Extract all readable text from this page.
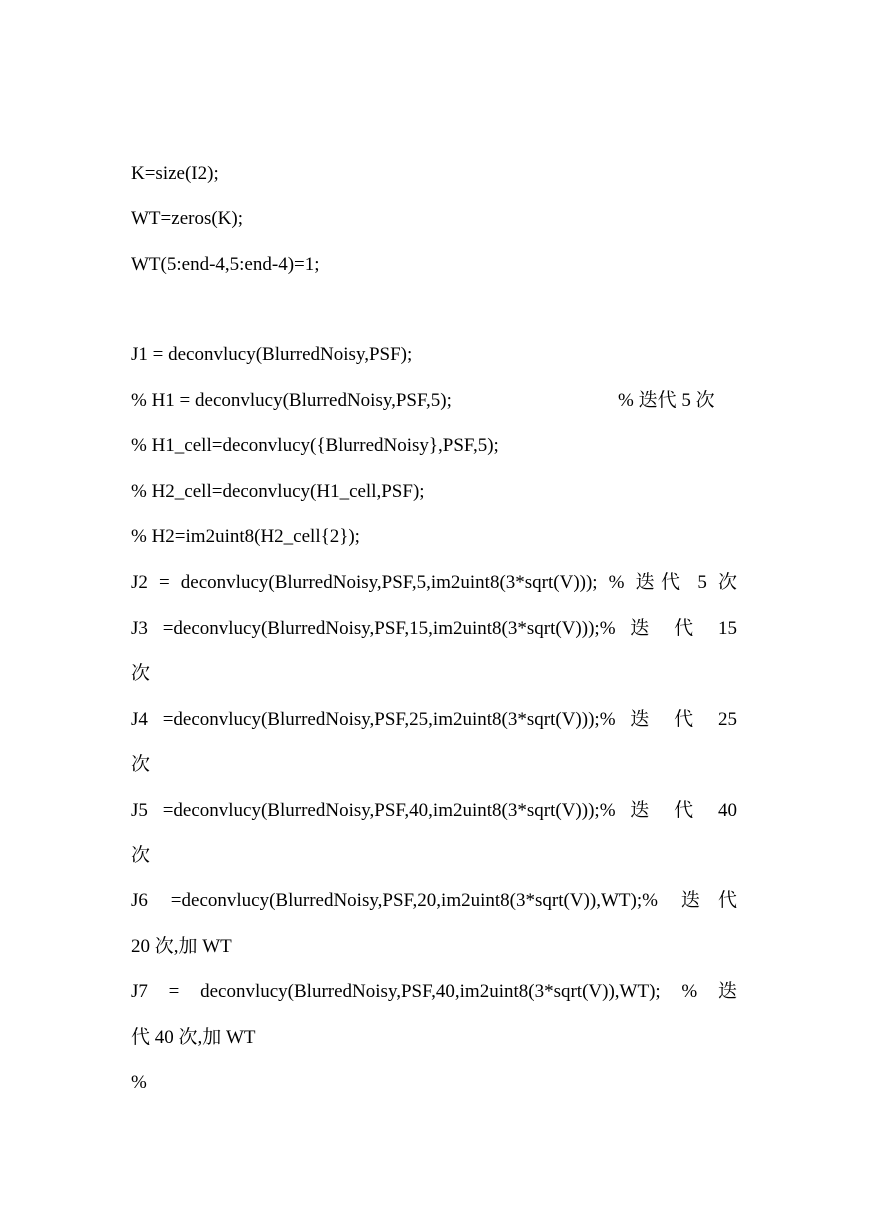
K=size(I2);
WT=zeros(K);
WT(5:end-4,5:end-4)=1;
J1 = deconvlucy(BlurredNoisy,PSF);
% H1 = deconvlucy(BlurredNoisy,PSF,5);	% 迭代 5 次
% H1_cell=deconvlucy({BlurredNoisy},PSF,5);
% H2_cell=deconvlucy(H1_cell,PSF);
% H2=im2uint8(H2_cell{2});
J2 = deconvlucy(BlurredNoisy,PSF,5,im2uint8(3*sqrt(V))); % 迭代 5 次
J3 =deconvlucy(BlurredNoisy,PSF,15,im2uint8(3*sqrt(V)));% 迭 代 15
次
J4 =deconvlucy(BlurredNoisy,PSF,25,im2uint8(3*sqrt(V)));% 迭 代 25
次
J5 =deconvlucy(BlurredNoisy,PSF,40,im2uint8(3*sqrt(V)));% 迭 代 40
次
J6 =deconvlucy(BlurredNoisy,PSF,20,im2uint8(3*sqrt(V)),WT);% 迭代
20 次,加 WT
J7 = deconvlucy(BlurredNoisy,PSF,40,im2uint8(3*sqrt(V)),WT); % 迭
代 40 次,加 WT
%
